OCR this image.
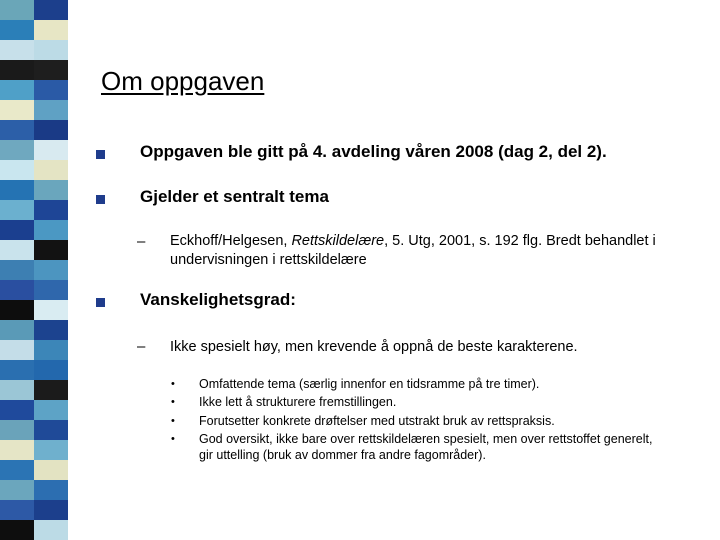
Om oppgaven
Oppgaven ble gitt på 4. avdeling våren 2008 (dag 2, del 2).
Gjelder et sentralt tema
– Eckhoff/Helgesen, Rettskildelære, 5. Utg, 2001, s. 192 flg. Bredt behandlet i undervisningen i rettskildelære
Vanskelighetsgrad:
– Ikke spesielt høy, men krevende å oppnå de beste karakterene.
• Omfattende tema (særlig innenfor en tidsramme på tre timer).
• Ikke lett å strukturere fremstillingen.
• Forutsetter konkrete drøftelser med utstrakt bruk av rettspraksis.
• God oversikt, ikke bare over rettskildelæren spesielt, men over rettstoffet generelt, gir uttelling (bruk av dommer fra andre fagområder).
